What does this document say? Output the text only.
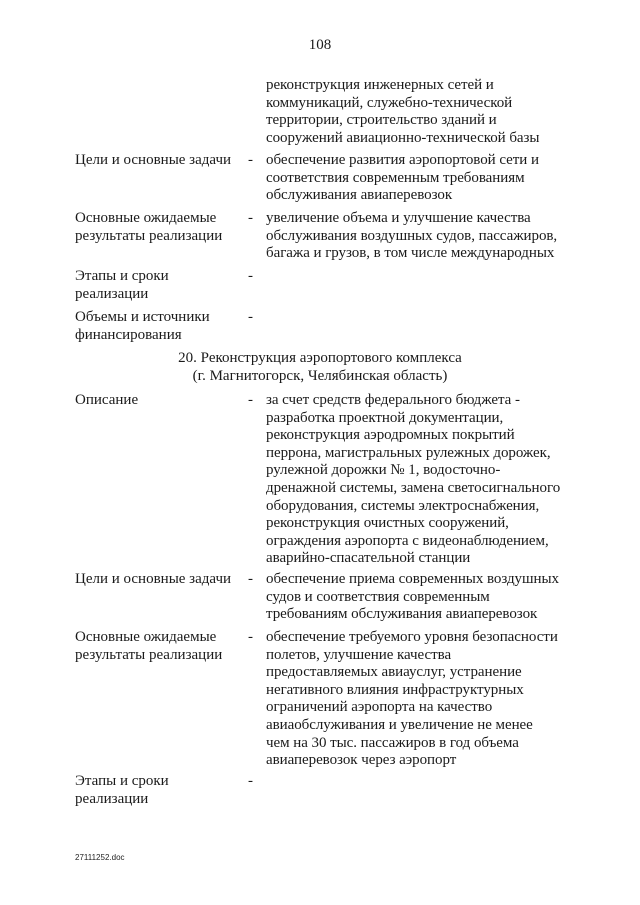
108
реконструкция инженерных сетей и
коммуникаций, служебно-технической
территории, строительство зданий и
сооружений авиационно-технической базы
Цели и основные задачи	- обеспечение развития аэропортовой сети и
соответствия современным требованиям
обслуживания авиаперевозок
Основные ожидаемые
результаты реализации
- увеличение объема и улучшение качества
обслуживания воздушных судов, пассажиров,
багажа и грузов, в том числе международных
Этапы и сроки
реализации
-
Объемы и источники
финансирования
-
20. Реконструкция аэропортового комплекса
(г. Магнитогорск, Челябинская область)
Описание	- за счет средств федерального бюджета -
разработка проектной документации,
реконструкция аэродромных покрытий
перрона, магистральных рулежных дорожек,
рулежной дорожки № 1, водосточно-
дренажной системы, замена светосигнального
оборудования, системы электроснабжения,
реконструкция очистных сооружений,
ограждения аэропорта с видеонаблюдением,
аварийно-спасательной станции
Цели и основные задачи	- обеспечение приема современных воздушных
судов и соответствия современным
требованиям обслуживания авиаперевозок
Основные ожидаемые
результаты реализации
- обеспечение требуемого уровня безопасности
полетов, улучшение качества
предоставляемых авиауслуг, устранение
негативного влияния инфраструктурных
ограничений аэропорта на качество
авиаобслуживания и увеличение не менее
чем на 30 тыс. пассажиров в год объема
авиаперевозок через аэропорт
Этапы и сроки
реализации
-
27111252.doc
